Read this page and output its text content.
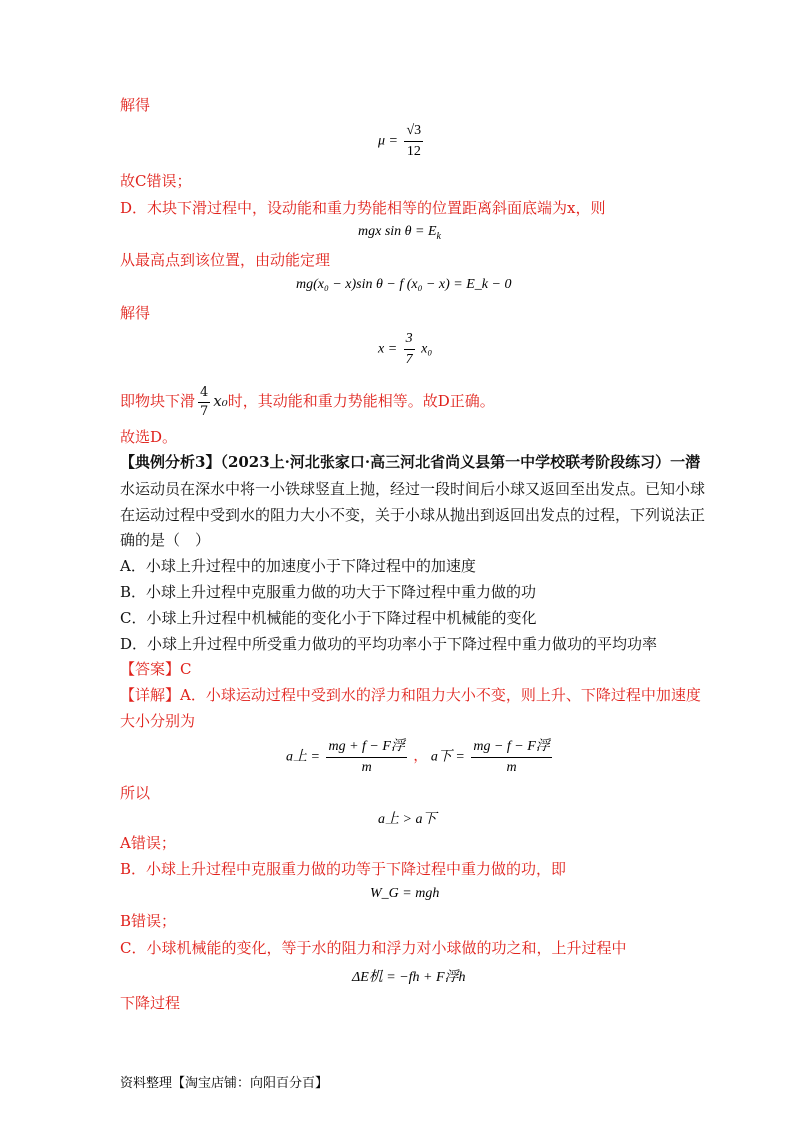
解得
$\mu = \frac{√3}{12}$
故C错误；
D．木块下滑过程中，设动能和重力势能相等的位置距离斜面底端为x，则
mgx $\sin \theta = E_k$
从最高点到该位置，由动能定理
mg(x₀ − x)sin θ − f (x₀ − x) = E_k − 0
解得
$x = \frac{3}{7} x_0$
即物块下滑 $\frac{4}{7} x_0$时，其动能和重力势能相等。故D正确。
故选D。
【典例分析3】（2023上·河北张家口·高三河北省尚义县第一中学校联考阶段练习）一潜
水运动员在深水中将一小铁球竖直上抛，经过一段时间后小球又返回至出发点。已知小球
在运动过程中受到水的阻力大小不变，关于小球从抛出到返回出发点的过程，下列说法正
确的是（　）
A．小球上升过程中的加速度小于下降过程中的加速度
B．小球上升过程中克服重力做的功大于下降过程中重力做的功
C．小球上升过程中机械能的变化小于下降过程中机械能的变化
D．小球上升过程中所受重力做功的平均功率小于下降过程中重力做功的平均功率
【答案】C
【详解】A．小球运动过程中受到水的浮力和阻力大小不变，则上升、下降过程中加速度
大小分别为
a上 = $\frac{\text{mg + f − F浮}}{m}$ ， a下 = $\frac{\text{mg − f − F浮}}{m}$
所以
a上 > a下
A错误；
B．小球上升过程中克服重力做的功等于下降过程中重力做的功，即
W_G = mgh
B错误；
C．小球机械能的变化，等于水的阻力和浮力对小球做的功之和，上升过程中
ΔE机 = −fh + F浮h
下降过程
资料整理【淘宝店铺：向阳百分百】
